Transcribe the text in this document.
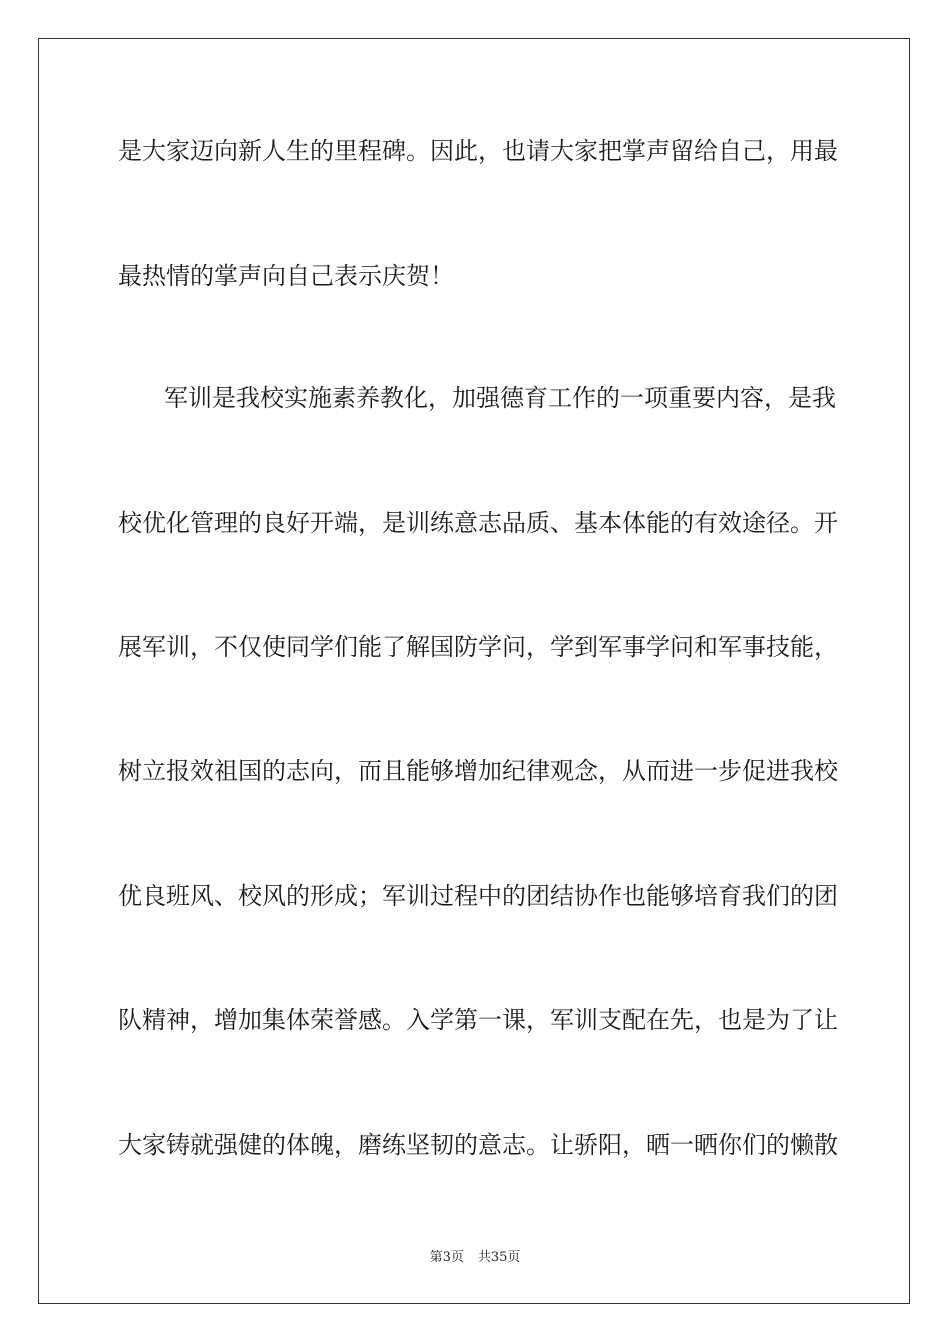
是大家迈向新人生的里程碑。因此，也请大家把掌声留给自己，用最
最热情的掌声向自己表示庆贺！
军训是我校实施素养教化，加强德育工作的一项重要内容，是我
校优化管理的良好开端，是训练意志品质、基本体能的有效途径。开
展军训，不仅使同学们能了解国防学问，学到军事学问和军事技能，
树立报效祖国的志向，而且能够增加纪律观念，从而进一步促进我校
优良班风、校风的形成；军训过程中的团结协作也能够培育我们的团
队精神，增加集体荣誉感。入学第一课，军训支配在先，也是为了让
大家铸就强健的体魄，磨练坚韧的意志。让骄阳，晒一晒你们的懒散
第3页 共35页
